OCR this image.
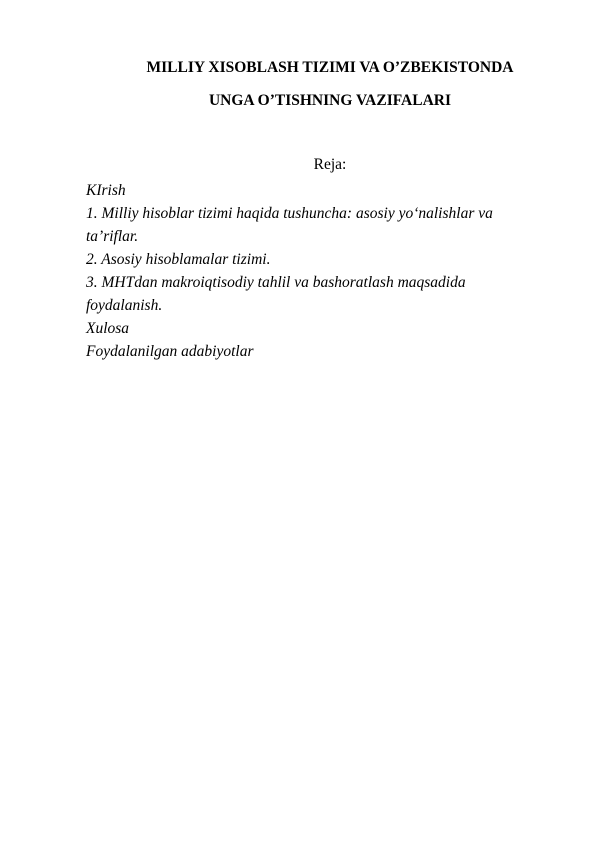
MILLIY XISOBLASH TIZIMI VA O’ZBEKISTONDA
UNGA O’TISHNING VAZIFALARI
Reja:
KIrish
1. Milliy hisoblar tizimi haqida tushuncha: asosiy yo‘nalishlar va
ta’riflar.
2. Asosiy hisoblamalar tizimi.
3. MHTdan makroiqtisodiy tahlil va bashoratlash maqsadida
foydalanish.
Xulosa
Foydalanilgan adabiyotlar
